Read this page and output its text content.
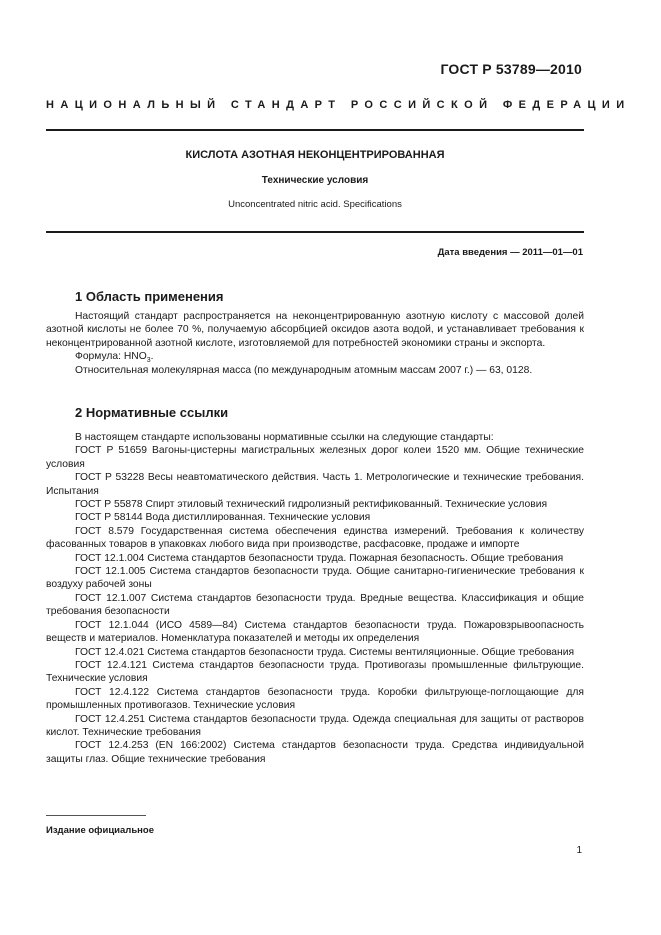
ГОСТ Р 53789—2010
НАЦИОНАЛЬНЫЙ СТАНДАРТ РОССИЙСКОЙ ФЕДЕРАЦИИ
КИСЛОТА АЗОТНАЯ НЕКОНЦЕНТРИРОВАННАЯ
Технические условия
Unconcentrated nitric acid. Specifications
Дата введения — 2011—01—01
1 Область применения

Настоящий стандарт распространяется на неконцентрированную азотную кислоту с массовой долей азотной кислоты не более 70 %, получаемую абсорбцией оксидов азота водой, и устанавливает требования к неконцентрированной азотной кислоте, изготовляемой для потребностей экономики страны и экспорта.

Формула: $HNO_3$.

Относительная молекулярная масса (по международным атомным массам 2007 г.) — 63, 0128.

2 Нормативные ссылки

В настоящем стандарте использованы нормативные ссылки на следующие стандарты:

ГОСТ Р 51659 Вагоны-цистерны магистральных железных дорог колеи 1520 мм. Общие технические условия

ГОСТ Р 53228 Весы неавтоматического действия. Часть 1. Метрологические и технические требования. Испытания

ГОСТ Р 55878 Спирт этиловый технический гидролизный ректификованный. Технические условия

ГОСТ Р 58144 Вода дистиллированная. Технические условия

ГОСТ 8.579 Государственная система обеспечения единства измерений. Требования к количеству фасованных товаров в упаковках любого вида при производстве, расфасовке, продаже и импорте

ГОСТ 12.1.004 Система стандартов безопасности труда. Пожарная безопасность. Общие требования

ГОСТ 12.1.005 Система стандартов безопасности труда. Общие санитарно-гигиенические требования к воздуху рабочей зоны

ГОСТ 12.1.007 Система стандартов безопасности труда. Вредные вещества. Классификация и общие требования безопасности

ГОСТ 12.1.044 (ИСО 4589—84) Система стандартов безопасности труда. Пожаровзрывоопасность веществ и материалов. Номенклатура показателей и методы их определения

ГОСТ 12.4.021 Система стандартов безопасности труда. Системы вентиляционные. Общие требования

ГОСТ 12.4.121 Система стандартов безопасности труда. Противогазы промышленные фильтрующие. Технические условия

ГОСТ 12.4.122 Система стандартов безопасности труда. Коробки фильтрующе-поглощающие для промышленных противогазов. Технические условия

ГОСТ 12.4.251 Система стандартов безопасности труда. Одежда специальная для защиты от растворов кислот. Технические требования

ГОСТ 12.4.253 (EN 166:2002) Система стандартов безопасности труда. Средства индивидуальной защиты глаз. Общие технические требования

Издание официальное
1
